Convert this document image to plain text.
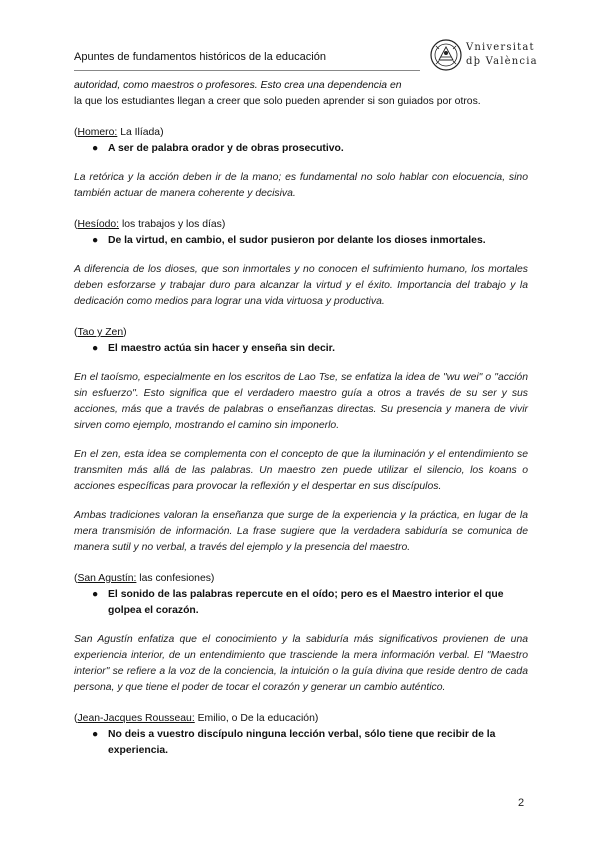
Apuntes de fundamentos históricos de la educación
Vniversitat
dþ València

autoridad, como maestros o profesores. Esto crea una dependencia en

la que los estudiantes llegan a creer que solo pueden aprender si son guiados por otros.

(Homero: La Ilíada)

● A ser de palabra orador y de obras prosecutivo.

La retórica y la acción deben ir de la mano; es fundamental no solo hablar con elocuencia, sino también actuar de manera coherente y decisiva.

(Hesíodo: los trabajos y los días)

● De la virtud, en cambio, el sudor pusieron por delante los dioses inmortales.

A diferencia de los dioses, que son inmortales y no conocen el sufrimiento humano, los mortales deben esforzarse y trabajar duro para alcanzar la virtud y el éxito. Importancia del trabajo y la dedicación como medios para lograr una vida virtuosa y productiva.

(Tao y Zen)

● El maestro actúa sin hacer y enseña sin decir.

En el taoísmo, especialmente en los escritos de Lao Tse, se enfatiza la idea de "wu wei" o "acción sin esfuerzo". Esto significa que el verdadero maestro guía a otros a través de su ser y sus acciones, más que a través de palabras o enseñanzas directas. Su presencia y manera de vivir sirven como ejemplo, mostrando el camino sin imponerlo.

En el zen, esta idea se complementa con el concepto de que la iluminación y el entendimiento se transmiten más allá de las palabras. Un maestro zen puede utilizar el silencio, los koans o acciones específicas para provocar la reflexión y el despertar en sus discípulos.

Ambas tradiciones valoran la enseñanza que surge de la experiencia y la práctica, en lugar de la mera transmisión de información. La frase sugiere que la verdadera sabiduría se comunica de manera sutil y no verbal, a través del ejemplo y la presencia del maestro.

(San Agustín: las confesiones)

● El sonido de las palabras repercute en el oído; pero es el Maestro interior el que golpea el corazón.

San Agustín enfatiza que el conocimiento y la sabiduría más significativos provienen de una experiencia interior, de un entendimiento que trasciende la mera información verbal. El "Maestro interior" se refiere a la voz de la conciencia, la intuición o la guía divina que reside dentro de cada persona, y que tiene el poder de tocar el corazón y generar un cambio auténtico.

(Jean-Jacques Rousseau: Emilio, o De la educación)

● No deis a vuestro discípulo ninguna lección verbal, sólo tiene que recibir de la experiencia.

2
